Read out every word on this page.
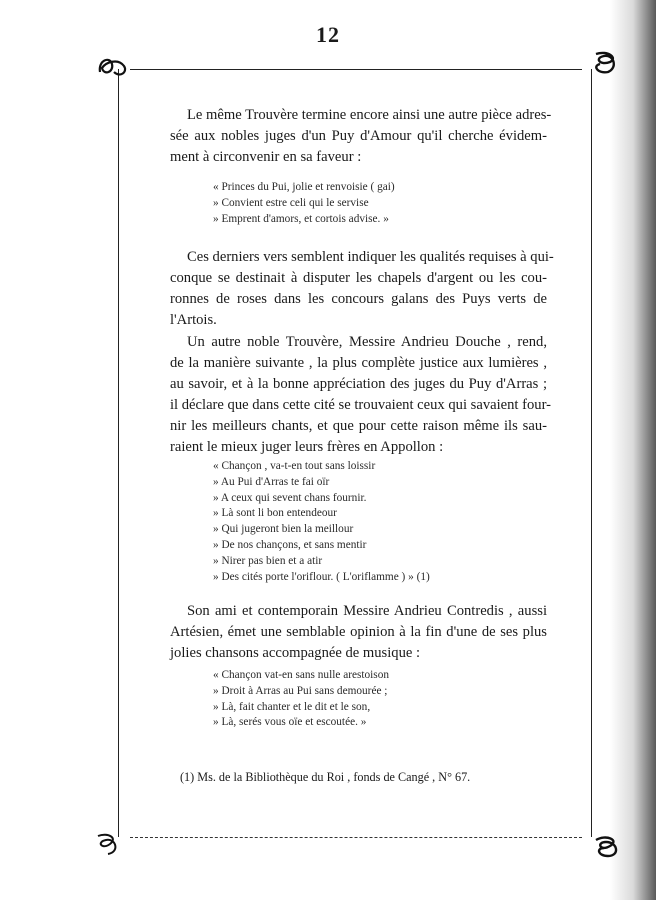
12
Le même Trouvère termine encore ainsi une autre pièce adres-
sée aux nobles juges d'un Puy d'Amour qu'il cherche évidem-
ment à circonvenir en sa faveur :
« Princes du Pui, jolie et renvoisie ( gai)
» Convient estre celi qui le servise
» Emprent d'amors, et cortois advise. »
Ces derniers vers semblent indiquer les qualités requises à qui-
conque se destinait à disputer les chapels d'argent ou les cou-
ronnes de roses dans les concours galans des Puys verts de
l'Artois.
Un autre noble Trouvère, Messire Andrieu Douche , rend,
de la manière suivante , la plus complète justice aux lumières ,
au savoir, et à la bonne appréciation des juges du Puy d'Arras ;
il déclare que dans cette cité se trouvaient ceux qui savaient four-
nir les meilleurs chants, et que pour cette raison même ils sau-
raient le mieux juger leurs frères en Appollon :
« Chançon , va-t-en tout sans loissir
» Au Pui d'Arras te fai oïr
» A ceux qui sevent chans fournir.
» Là sont li bon entendeour
» Qui jugeront bien la meillour
» De nos chançons, et sans mentir
» Nirer pas bien et a atir
» Des cités porte l'oriflour. ( L'oriflamme ) » (1)
Son ami et contemporain Messire Andrieu Contredis , aussi
Artésien, émet une semblable opinion à la fin d'une de ses plus
jolies chansons accompagnée de musique :
« Chançon vat-en sans nulle arestoison
» Droit à Arras au Pui sans demourée ;
» Là, fait chanter et le dit et le son,
» Là, serés vous oïe et escoutée. »
(1) Ms. de la Bibliothèque du Roi , fonds de Cangé , N° 67.
